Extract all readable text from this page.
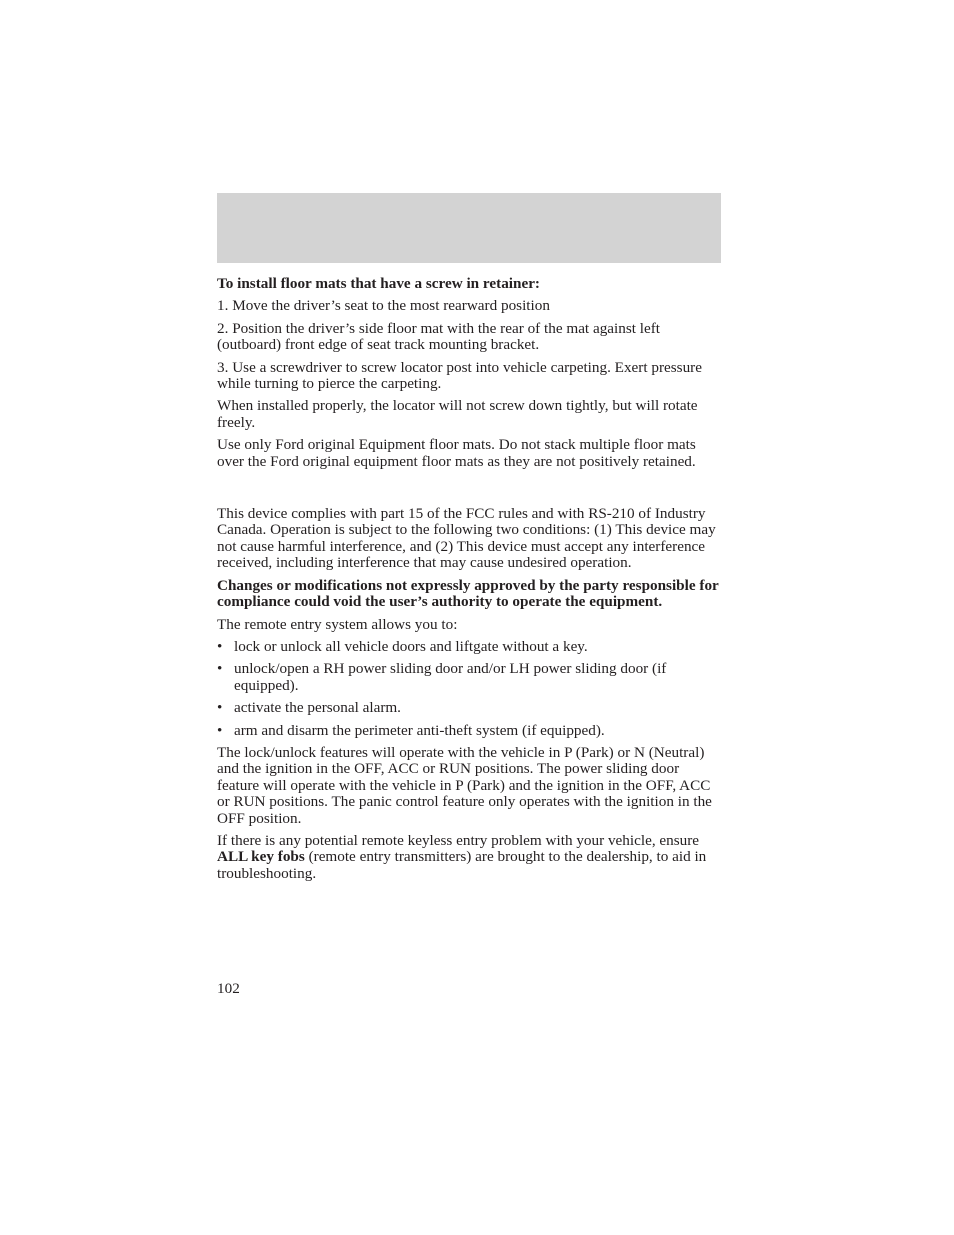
To install floor mats that have a screw in retainer:

1. Move the driver’s seat to the most rearward position

2. Position the driver’s side floor mat with the rear of the mat against left (outboard) front edge of seat track mounting bracket.

3. Use a screwdriver to screw locator post into vehicle carpeting. Exert pressure while turning to pierce the carpeting.

When installed properly, the locator will not screw down tightly, but will rotate freely.

Use only Ford original Equipment floor mats. Do not stack multiple floor mats over the Ford original equipment floor mats as they are not positively retained.

This device complies with part 15 of the FCC rules and with RS-210 of Industry Canada. Operation is subject to the following two conditions: (1) This device may not cause harmful interference, and (2) This device must accept any interference received, including interference that may cause undesired operation.

Changes or modifications not expressly approved by the party responsible for compliance could void the user’s authority to operate the equipment.

The remote entry system allows you to:

• lock or unlock all vehicle doors and liftgate without a key.
• unlock/open a RH power sliding door and/or LH power sliding door (if equipped).
• activate the personal alarm.
• arm and disarm the perimeter anti-theft system (if equipped).

The lock/unlock features will operate with the vehicle in P (Park) or N (Neutral) and the ignition in the OFF, ACC or RUN positions. The power sliding door feature will operate with the vehicle in P (Park) and the ignition in the OFF, ACC or RUN positions. The panic control feature only operates with the ignition in the OFF position.

If there is any potential remote keyless entry problem with your vehicle, ensure ALL key fobs (remote entry transmitters) are brought to the dealership, to aid in troubleshooting.

102
